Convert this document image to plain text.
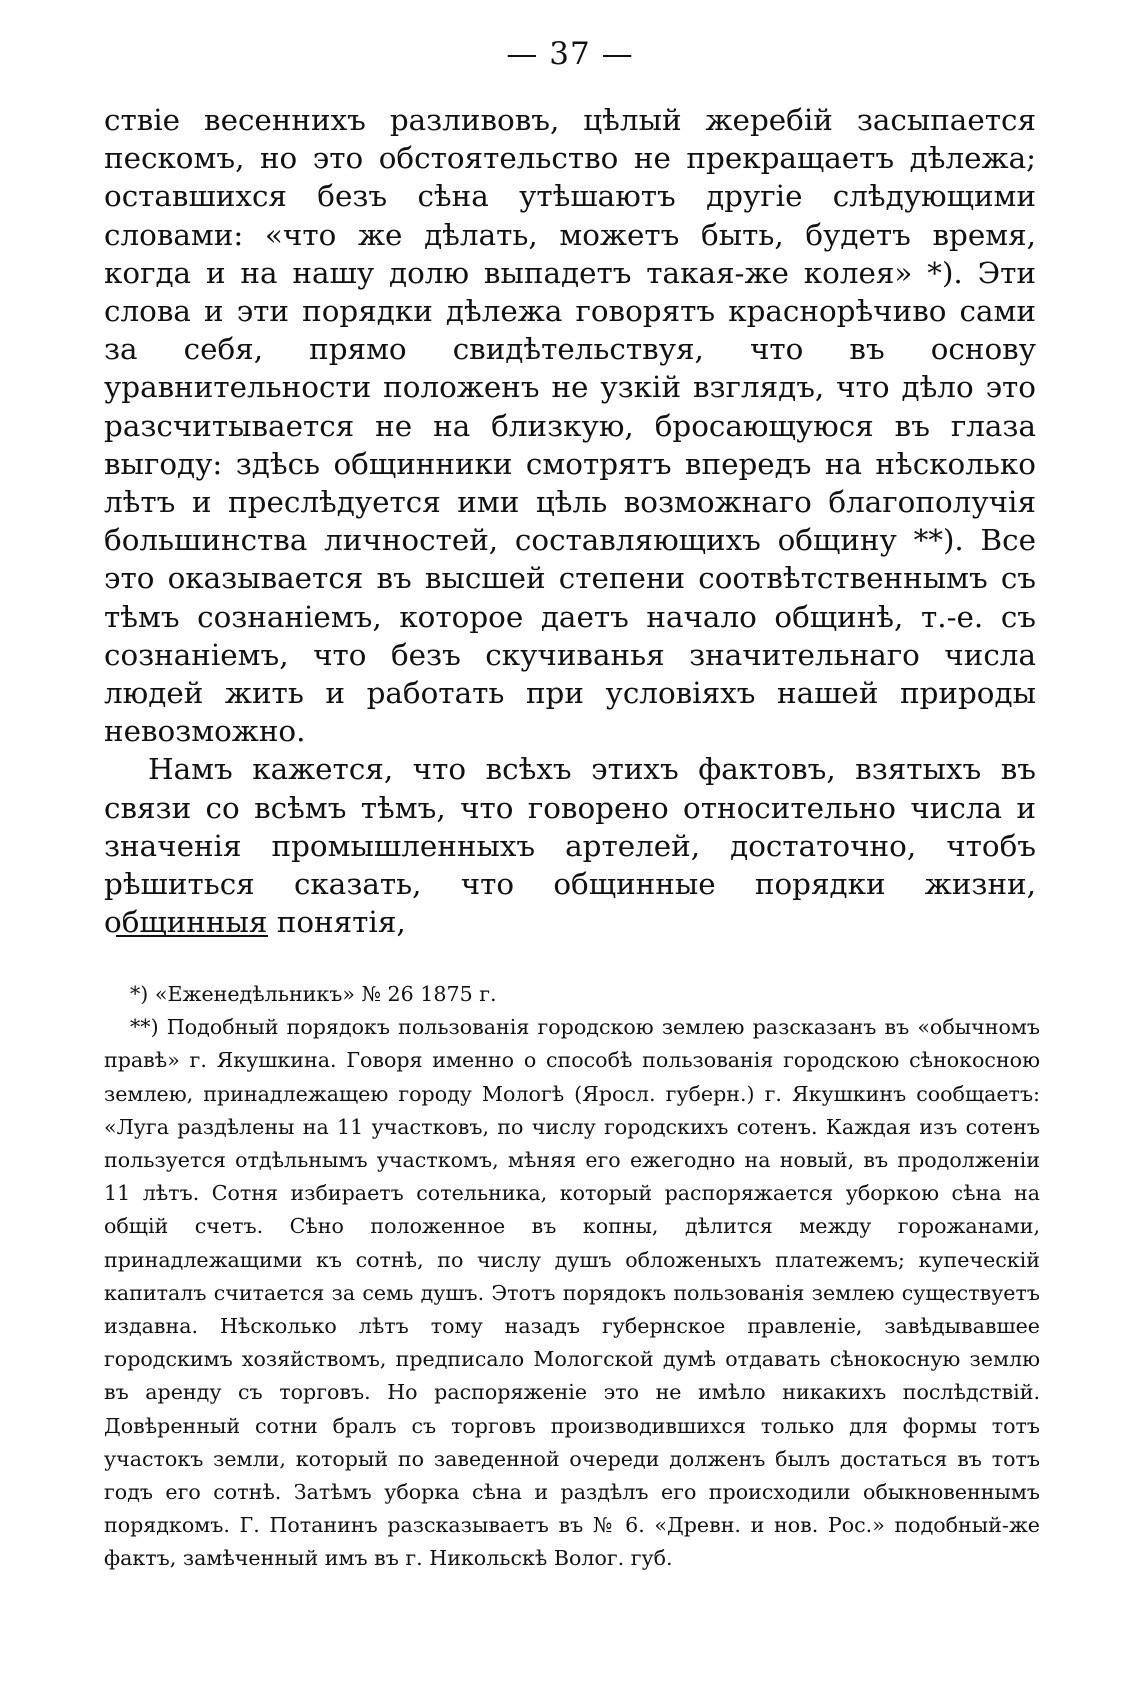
— 37 —

ствіе весеннихъ разливовъ, цѣлый жеребій засыпается пескомъ, но это обстоятельство не прекращаетъ дѣлежа; оставшихся безъ сѣна утѣшаютъ другіе слѣдующими словами: «что же дѣлать, можетъ быть, будетъ время, когда и на нашу долю выпадетъ такая-же колея» *). Эти слова и эти порядки дѣлежа говорятъ краснорѣчиво сами за себя, прямо свидѣтельствуя, что въ основу уравнительности положенъ не узкій взглядъ, что дѣло это разсчитывается не на близкую, бросающуюся въ глаза выгоду: здѣсь общинники смотрятъ впередъ на нѣсколько лѣтъ и преслѣдуется ими цѣль возможнаго благополучія большинства личностей, составляющихъ общину **). Все это оказывается въ высшей степени соотвѣтственнымъ съ тѣмъ сознаніемъ, которое даетъ начало общинѣ, т.-е. съ сознаніемъ, что безъ скучиванья значительнаго числа людей жить и работать при условіяхъ нашей природы невозможно.

Намъ кажется, что всѣхъ этихъ фактовъ, взятыхъ въ связи со всѣмъ тѣмъ, что говорено относительно числа и значенія промышленныхъ артелей, достаточно, чтобъ рѣшиться сказать, что общинные порядки жизни, общинныя понятія,

*) «Еженедѣльникъ» № 26 1875 г.

**) Подобный порядокъ пользованія городскою землею разсказанъ въ «обычномъ правѣ» г. Якушкина. Говоря именно о способѣ пользованія городскою сѣнокосною землею, принадлежащею городу Мологѣ (Яросл. губерн.) г. Якушкинъ сообщаетъ: «Луга раздѣлены на 11 участковъ, по числу городскихъ сотенъ. Каждая изъ сотенъ пользуется отдѣльнымъ участкомъ, мѣняя его ежегодно на новый, въ продолженіи 11 лѣтъ. Сотня избираетъ сотельника, который распоряжается уборкою сѣна на общій счетъ. Сѣно положенное въ копны, дѣлится между горожанами, принадлежащими къ сотнѣ, по числу душъ обложеныхъ платежемъ; купеческій капиталъ считается за семь душъ. Этотъ порядокъ пользованія землею существуетъ издавна. Нѣсколько лѣтъ тому назадъ губернское правленіе, завѣдывавшее городскимъ хозяйствомъ, предписало Мологской думѣ отдавать сѣнокосную землю въ аренду съ торговъ. Но распоряженіе это не имѣло никакихъ послѣдствій. Довѣренный сотни бралъ съ торговъ производившихся только для формы тотъ участокъ земли, который по заведенной очереди долженъ былъ достаться въ тотъ годъ его сотнѣ. Затѣмъ уборка сѣна и раздѣлъ его происходили обыкновеннымъ порядкомъ. Г. Потанинъ разсказываетъ въ № 6. «Древн. и нов. Рос.» подобный-же фактъ, замѣченный имъ въ г. Никольскѣ Волог. губ.
